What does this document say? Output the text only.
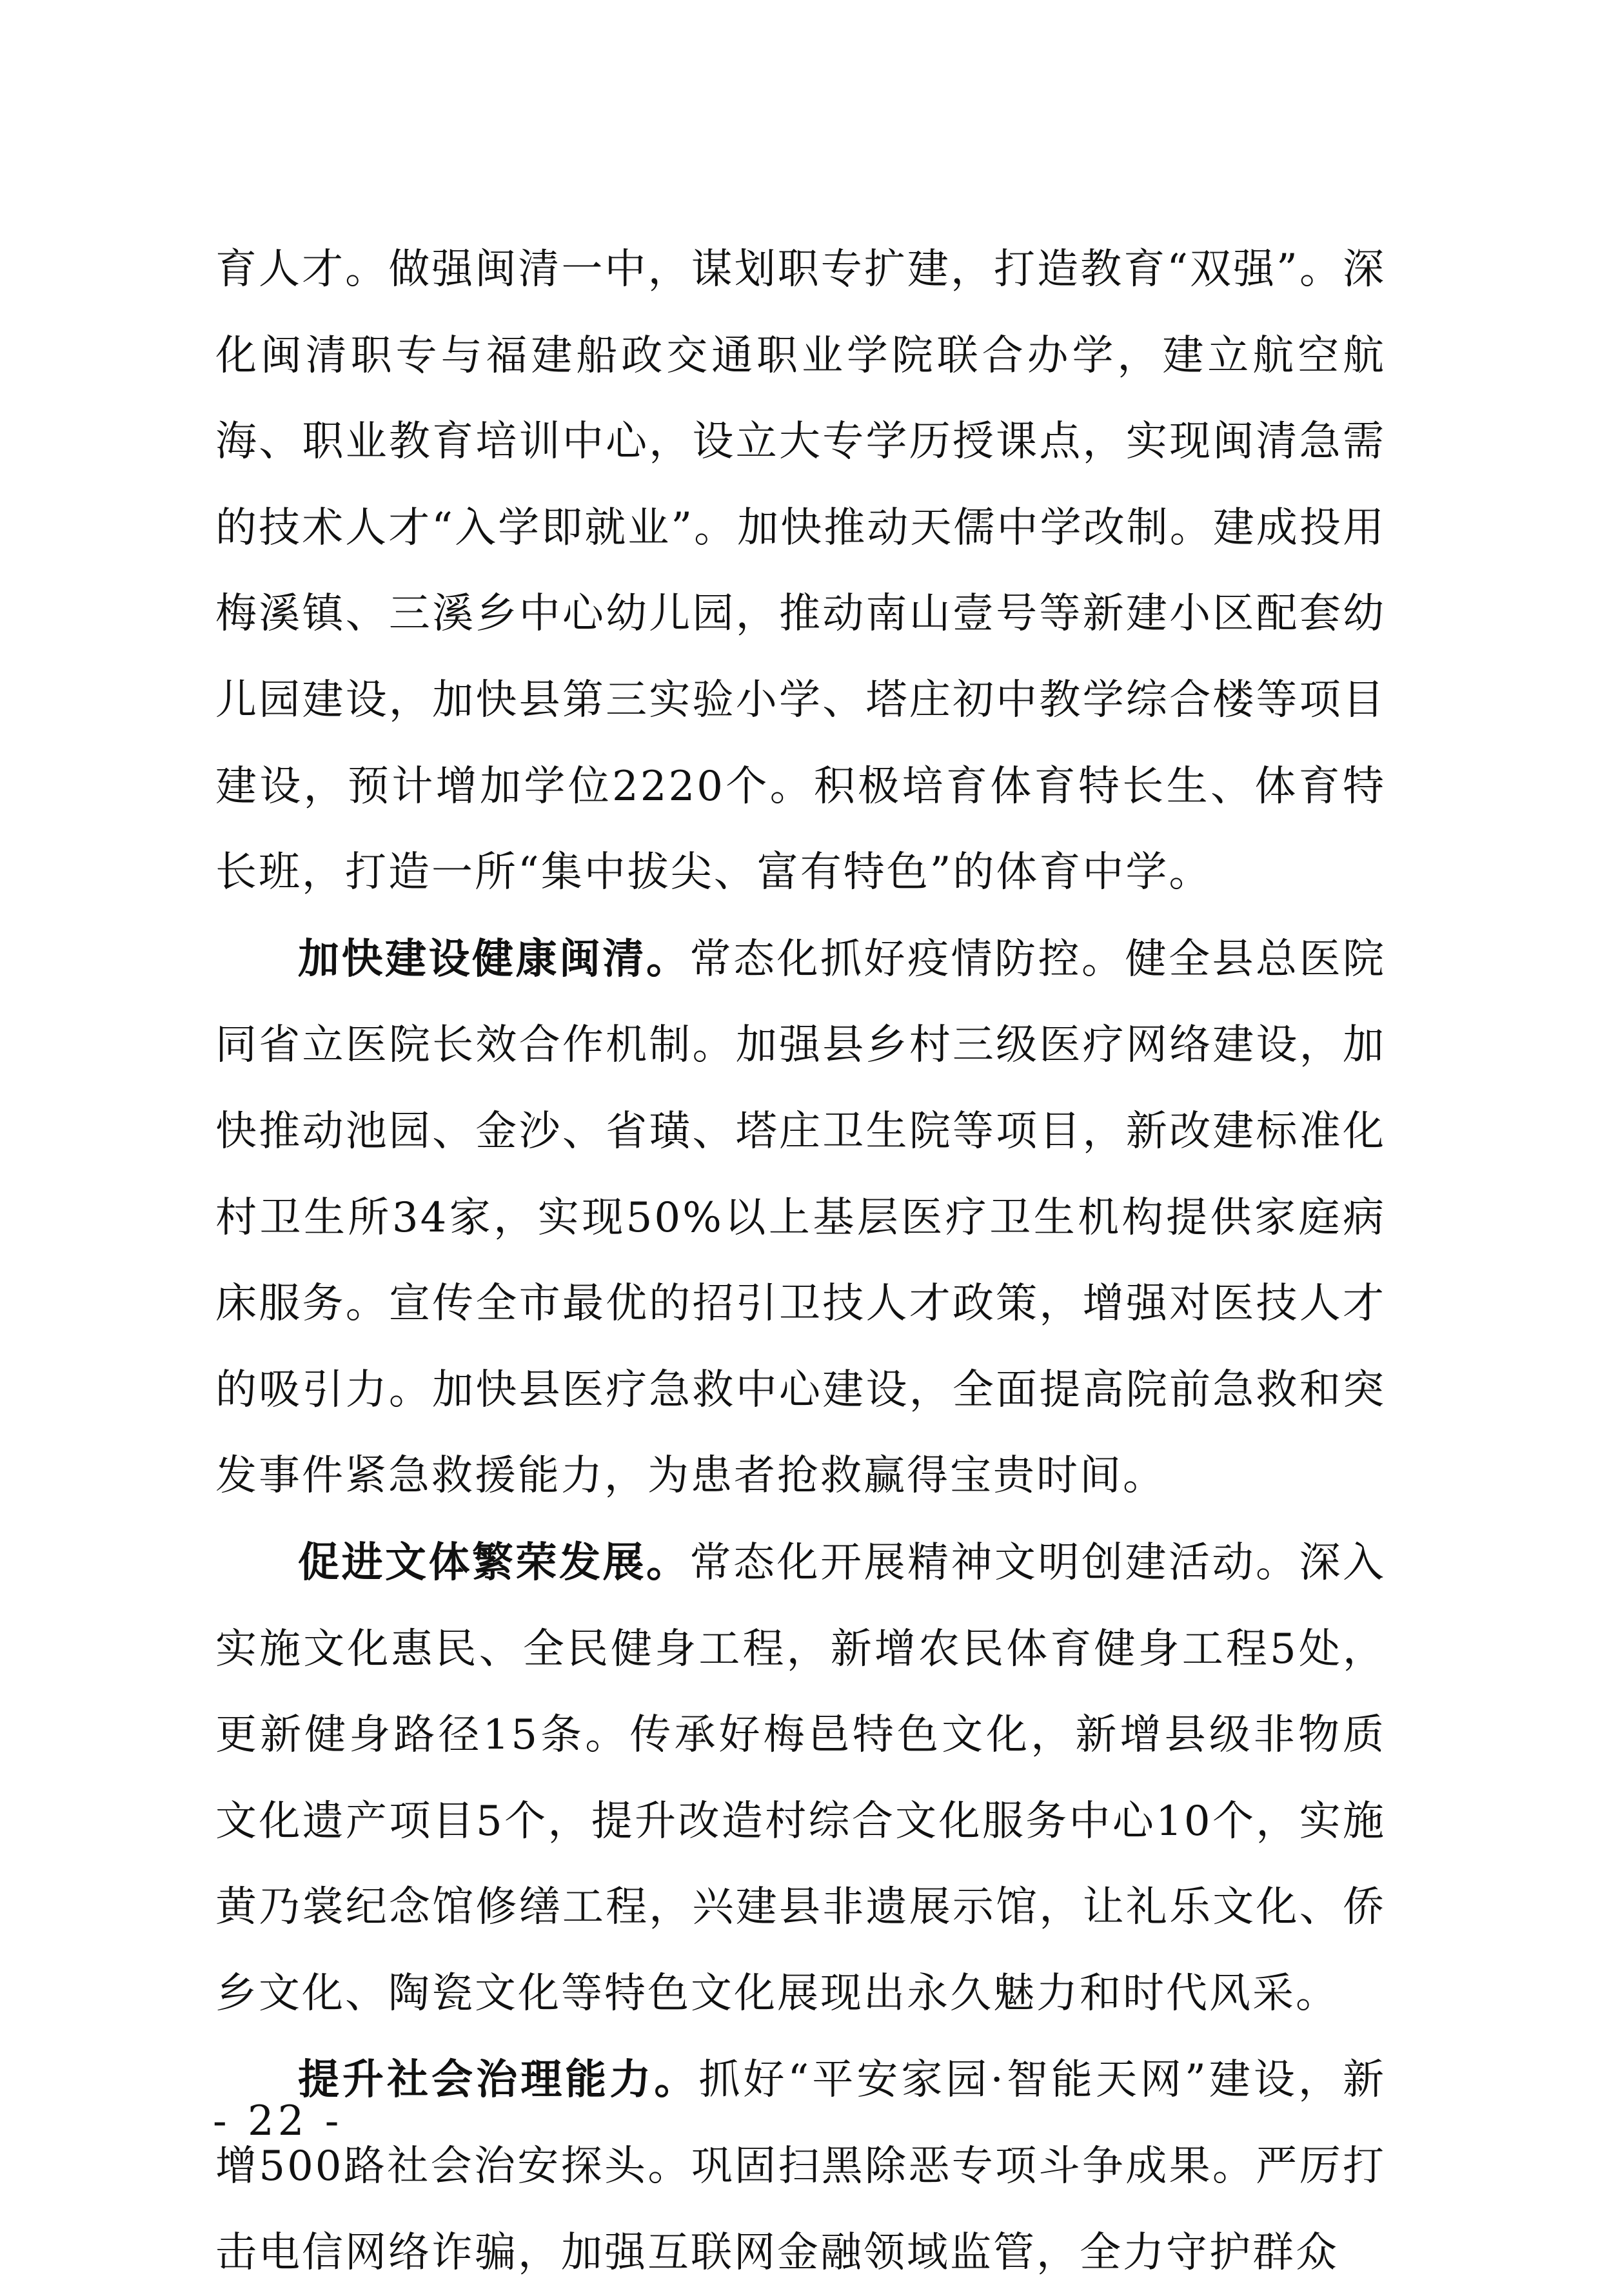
育人才。做强闽清一中，谋划职专扩建，打造教育“双强”。深化闽清职专与福建船政交通职业学院联合办学，建立航空航海、职业教育培训中心，设立大专学历授课点，实现闽清急需的技术人才“入学即就业”。加快推动天儒中学改制。建成投用梅溪镇、三溪乡中心幼儿园，推动南山壹号等新建小区配套幼儿园建设，加快县第三实验小学、塔庄初中教学综合楼等项目建设，预计增加学位2220个。积极培育体育特长生、体育特长班，打造一所“集中拔尖、富有特色”的体育中学。

加快建设健康闽清。常态化抓好疫情防控。健全县总医院同省立医院长效合作机制。加强县乡村三级医疗网络建设，加快推动池园、金沙、省璜、塔庄卫生院等项目，新改建标准化村卫生所34家，实现50%以上基层医疗卫生机构提供家庭病床服务。宣传全市最优的招引卫技人才政策，增强对医技人才的吸引力。加快县医疗急救中心建设，全面提高院前急救和突发事件紧急救援能力，为患者抢救赢得宝贵时间。

促进文体繁荣发展。常态化开展精神文明创建活动。深入实施文化惠民、全民健身工程，新增农民体育健身工程5处，更新健身路径15条。传承好梅邑特色文化，新增县级非物质文化遗产项目5个，提升改造村综合文化服务中心10个，实施黄乃裳纪念馆修缮工程，兴建县非遗展示馆，让礼乐文化、侨乡文化、陶瓷文化等特色文化展现出永久魅力和时代风采。

提升社会治理能力。抓好“平安家园·智能天网”建设，新增500路社会治安探头。巩固扫黑除恶专项斗争成果。严厉打击电信网络诈骗，加强互联网金融领域监管，全力守护群众

- 22 -
